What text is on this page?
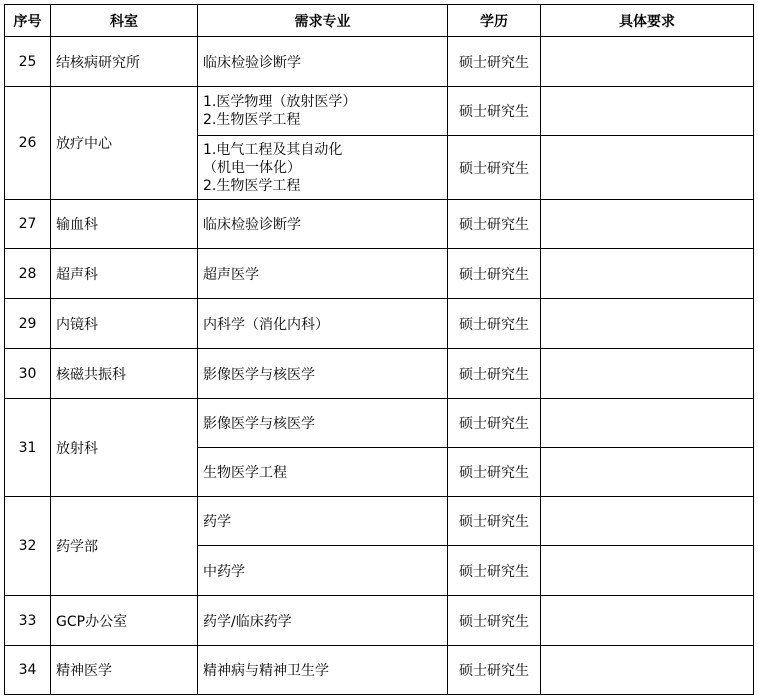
序号	科室	需求专业	学历	具体要求
25	结核病研究所	临床检验诊断学	硕士研究生	
26	放疗中心	1.医学物理（放射医学）
2.生物医学工程	硕士研究生	

		1.电气工程及其自动化
（机电一体化）
2.生物医学工程	硕士研究生	
27	输血科	临床检验诊断学	硕士研究生	
28	超声科	超声医学	硕士研究生	
29	内镜科	内科学（消化内科）	硕士研究生	
30	核磁共振科	影像医学与核医学	硕士研究生	
31	放射科	影像医学与核医学	硕士研究生	
		生物医学工程	硕士研究生	
32	药学部	药学	硕士研究生	
		中药学	硕士研究生	
33	GCP办公室	药学/临床药学	硕士研究生	
34	精神医学	精神病与精神卫生学	硕士研究生	
